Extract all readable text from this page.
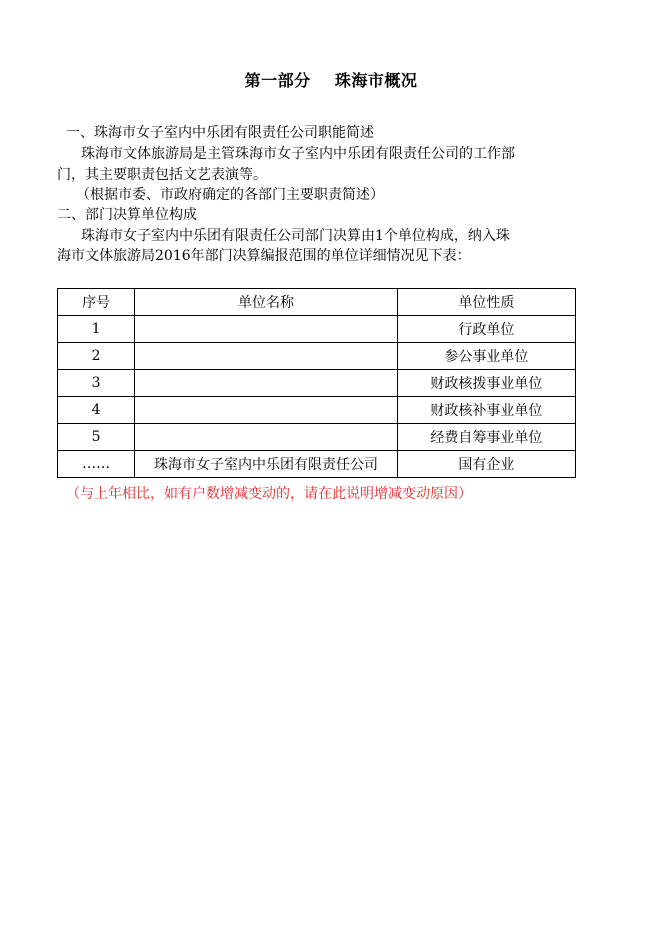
第一部分    珠海市概况
一、珠海市女子室内中乐团有限责任公司职能简述
珠海市文体旅游局是主管珠海市女子室内中乐团有限责任公司的工作部
门，其主要职责包括文艺表演等。
（根据市委、市政府确定的各部门主要职责简述）
二、部门决算单位构成
珠海市女子室内中乐团有限责任公司部门决算由1个单位构成，纳入珠
海市文体旅游局2016年部门决算编报范围的单位详细情况见下表：
序号	单位名称	单位性质
1		行政单位
2		参公事业单位
3		财政核拨事业单位
4		财政核补事业单位
5		经费自筹事业单位
……	珠海市女子室内中乐团有限责任公司	国有企业
（与上年相比，如有户数增减变动的，请在此说明增减变动原因）
